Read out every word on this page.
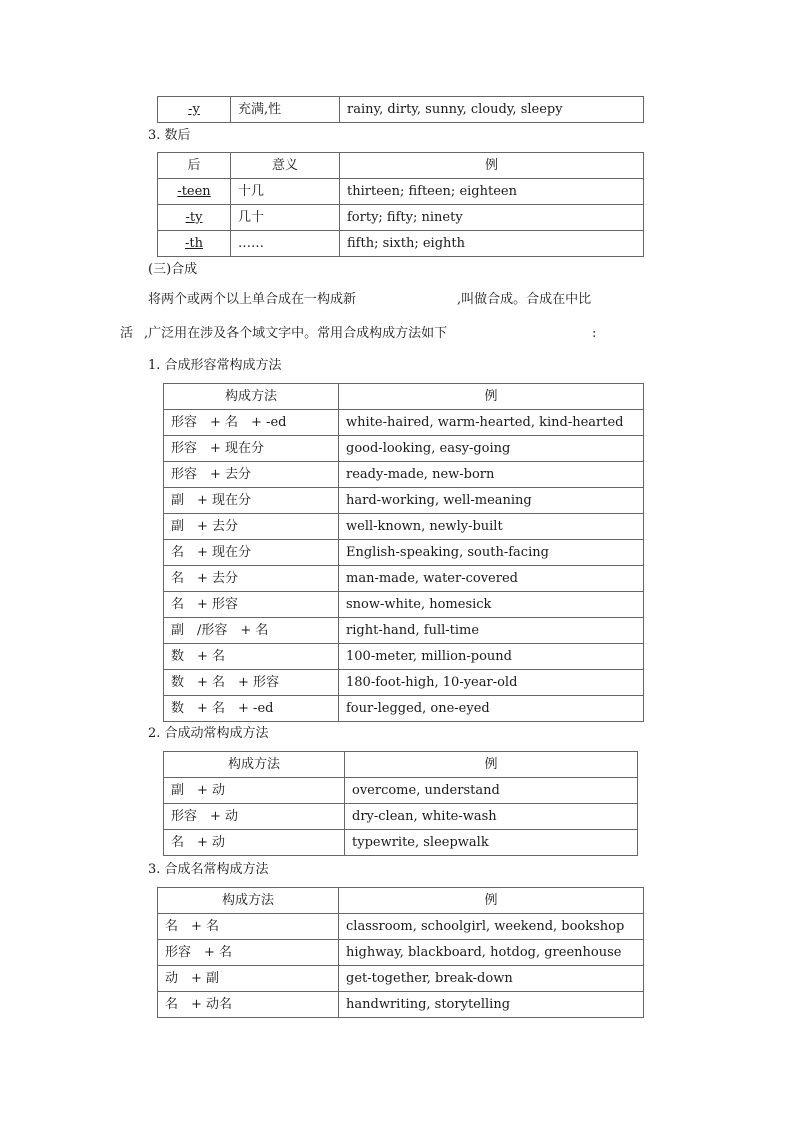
-y	充满,性	rainy, dirty, sunny, cloudy, sleepy
3. 数后
后	意义	例
-teen	十几	thirteen; fifteen; eighteen
-ty	几十	forty; fifty; ninety
-th	……	fifth; sixth; eighth
(三)合成
将两个或两个以上单合成在一构成新	,叫做合成。合成在中比
活 ,广泛用在涉及各个域文字中。常用合成构成方法如下	:
1. 合成形容常构成方法
构成方法	例
形容　+ 名　+ -ed	white-haired, warm-hearted, kind-hearted
形容　+ 现在分	good-looking, easy-going
形容　+ 去分	ready-made, new-born
副　+ 现在分	hard-working, well-meaning
副　+ 去分	well-known, newly-built
名　+ 现在分	English-speaking, south-facing
名　+ 去分	man-made, water-covered
名　+ 形容	snow-white, homesick
副　/形容　+ 名	right-hand, full-time
数　+ 名	100-meter, million-pound
数　+ 名　+ 形容	180-foot-high, 10-year-old
数　+ 名　+ -ed	four-legged, one-eyed
2. 合成动常构成方法
构成方法	例
副　+ 动	overcome, understand
形容　+ 动	dry-clean, white-wash
名　+ 动	typewrite, sleepwalk
3. 合成名常构成方法
构成方法	例
名　+ 名	classroom, schoolgirl, weekend, bookshop
形容　+ 名	highway, blackboard, hotdog, greenhouse
动　+ 副	get-together, break-down
名　+ 动名	handwriting, storytelling
